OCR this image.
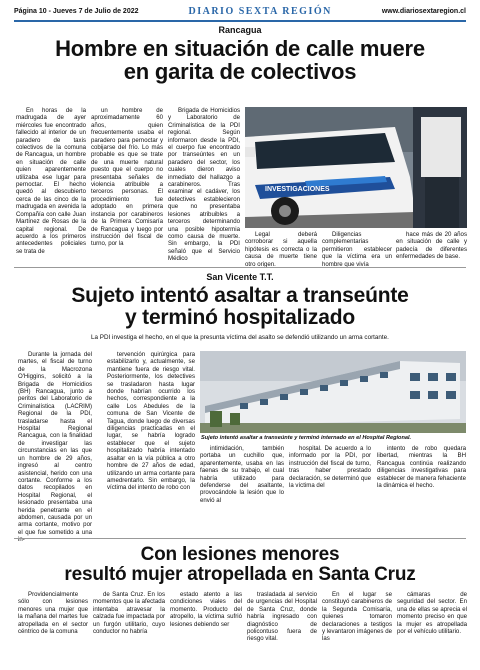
Página 10 - Jueves 7 de Julio de 2022	DIARIO SEXTA REGIÓN	www.diariosextaregion.cl
Rancagua
Hombre en situación de calle muere
en garita de colectivos

En horas de la madrugada de ayer miércoles fue encontrado fallecido al interior de un paradero de taxis colectivos de la comuna de Rancagua, un hombre en situación de calle quien aparentemente utilizaba ese lugar para pernoctar. El hecho quedó al descubierto cerca de las cinco de la madrugada en avenida la Compañía con calle Juan Martínez de Rosas de la capital regional. De acuerdo a los primeros antecedentes policiales se trata de

un hombre de aproximadamente 60 años, quien frecuentemente usaba el paradero para pernoctar y cobijarse del frío. Lo más probable es que se trate de una muerte natural puesto que el cuerpo no presentaba señales de violencia atribuible a terceros personas. El procedimiento fue adoptado en primera instancia por carabineros de la Primera Comisaría de Rancagua y luego por instrucción del fiscal de turno, por la

Brigada de Homicidios y Laboratorio de Criminalística de la PDI regional. Según informaron desde la PDI, el cuerpo fue encontrado por transeúntes en un paradero del sector, los cuales dieron aviso inmediato del hallazgo a carabineros. Tras examinar el cadáver, los detectives establecieron que no presentaba lesiones atribuibles a terceros determinando una posible hipotermia como causa de muerte. Sin embargo, la PDI señaló que el Servicio Médico

INVESTIGACIONES

Legal deberá corroborar si aquella hipótesis es correcta o la causa de muerte tiene otro origen.

Diligencias complementarias permitieron establecer que la víctima era un hombre que vivía

hace más de 20 años en situación de calle y padecía de diferentes enfermedades de base.

San Vicente T.T.
Sujeto intentó asaltar a transeúnte
y terminó hospitalizado
La PDI investiga el hecho, en el que la presunta víctima del asalto se defendió utilizando un arma cortante.

Durante la jornada del martes, el fiscal de turno de la Macrozona O'Higgins, solicitó a la Brigada de Homicidios (BH) Rancagua, junto a peritos del Laboratorio de Criminalística (LACRIM) Regional de la PDI, trasladarse hasta el Hospital Regional Rancagua, con la finalidad de investigar las circunstancias en las que un hombre de 29 años, ingresó al centro asistencial, herido con una cortante. Conforme a los datos recopilados en Hospital Regional, el lesionado presentaba una herida penetrante en el abdomen, causada por un arma cortante, motivo por el que fue sometido a una in-

tervención quirúrgica para estabilizarlo y, actualmente, se mantiene fuera de riesgo vital. Posteriormente, los detectives se trasladaron hasta lugar donde habrían ocurrido los hechos, correspondiente a la calle Los Abedules de la comuna de San Vicente de Tagua, donde luego de diversas diligencias practicadas en el lugar, se habría logrado establecer que el sujeto hospitalizado habría intentado asaltar en la vía pública a otro hombre de 27 años de edad, utilizando un arma cortante para amedrentarlo. Sin embargo, la víctima del intento de robo con

Sujeto intentó asaltar a transeúnte y terminó internado en el Hospital Regional.

intimidación, también portaba un cuchillo que, aparentemente, usaba en las faenas de su trabajo, el cual habría utilizado para defenderse del asaltante, provocándole la lesión que lo envió al

hospital. De acuerdo a lo informado por la PDI, por instrucción del fiscal de turno, tras haber prestado declaración, se determinó que la víctima del

intento de robo quedara libertad, mientras la BH Rancagua continúa realizando diligencias investigativas para establecer de manera fehaciente la dinámica el hecho.

Con lesiones menores
resultó mujer atropellada en Santa Cruz

Providencialmente sólo con lesiones menores una mujer que la mañana del martes fue atropellada en el sector céntrico de la comuna

de Santa Cruz. En los momentos que la afectada intentaba atravesar la calzada fue impactada por un furgón utilitario, cuyo conductor no habría

estado atento a las condiciones viales del momento. Producto del atropello, la víctima sufrió lesiones debiendo ser

trasladada al servicio de urgencias del Hospital de Santa Cruz, donde habría ingresado con diagnóstico de policontuso fuera de riesgo vital.

En el lugar se constituyó carabineros de la Segunda Comisaría, quienes tomaron declaraciones a testigos y levantaron imágenes de las

cámaras de seguridad del sector. En una de ellas se aprecia el momento preciso en que la mujer es atropellada por el vehículo utilitario.
